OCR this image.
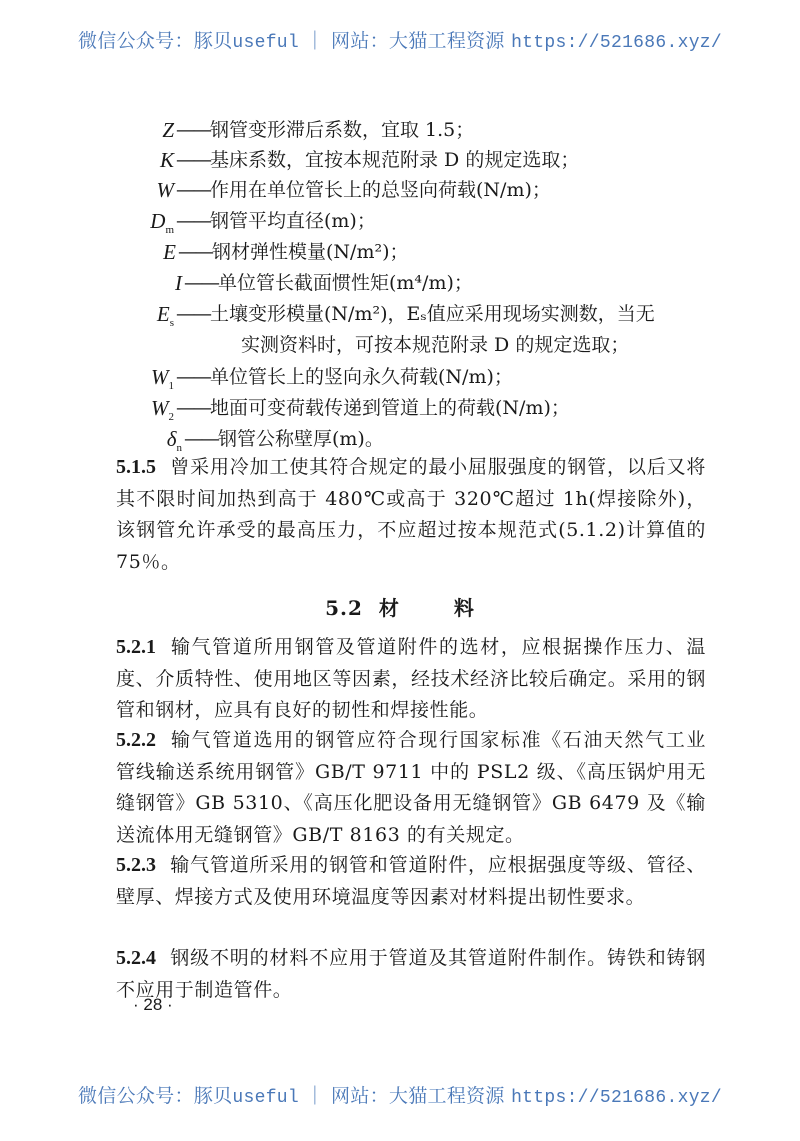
微信公众号：豚贝useful ｜ 网站：大猫工程资源 https://521686.xyz/
Z ——钢管变形滞后系数，宜取 1.5；
K ——基床系数，宜按本规范附录 D 的规定选取；
W ——作用在单位管长上的总竖向荷载(N/m)；
$D_m$ ——钢管平均直径(m)；
E ——钢材弹性模量(N/m²)；
I ——单位管长截面惯性矩(m⁴/m)；
$E_s$ ——土壤变形模量(N/m²)，Eₛ值应采用现场实测数，当无
实测资料时，可按本规范附录 D 的规定选取；
$W_1$ ——单位管长上的竖向永久荷载(N/m)；
$W_2$ ——地面可变荷载传递到管道上的荷载(N/m)；
$\delta_n$ ——钢管公称壁厚(m)。
5.1.5 曾采用冷加工使其符合规定的最小屈服强度的钢管，以后又将其不限时间加热到高于 480℃或高于 320℃超过 1h(焊接除外)，该钢管允许承受的最高压力，不应超过按本规范式(5.1.2)计算值的 75％。
5.2 材	料
5.2.1 输气管道所用钢管及管道附件的选材，应根据操作压力、温度、介质特性、使用地区等因素，经技术经济比较后确定。采用的钢管和钢材，应具有良好的韧性和焊接性能。
5.2.2 输气管道选用的钢管应符合现行国家标准《石油天然气工业　管线输送系统用钢管》GB/T 9711 中的 PSL2 级、《高压锅炉用无缝钢管》GB 5310、《高压化肥设备用无缝钢管》GB 6479 及《输送流体用无缝钢管》GB/T 8163 的有关规定。
5.2.3 输气管道所采用的钢管和管道附件，应根据强度等级、管径、壁厚、焊接方式及使用环境温度等因素对材料提出韧性要求。
5.2.4 钢级不明的材料不应用于管道及其管道附件制作。铸铁和铸钢不应用于制造管件。
· 28 ·
微信公众号：豚贝useful ｜ 网站：大猫工程资源 https://521686.xyz/
